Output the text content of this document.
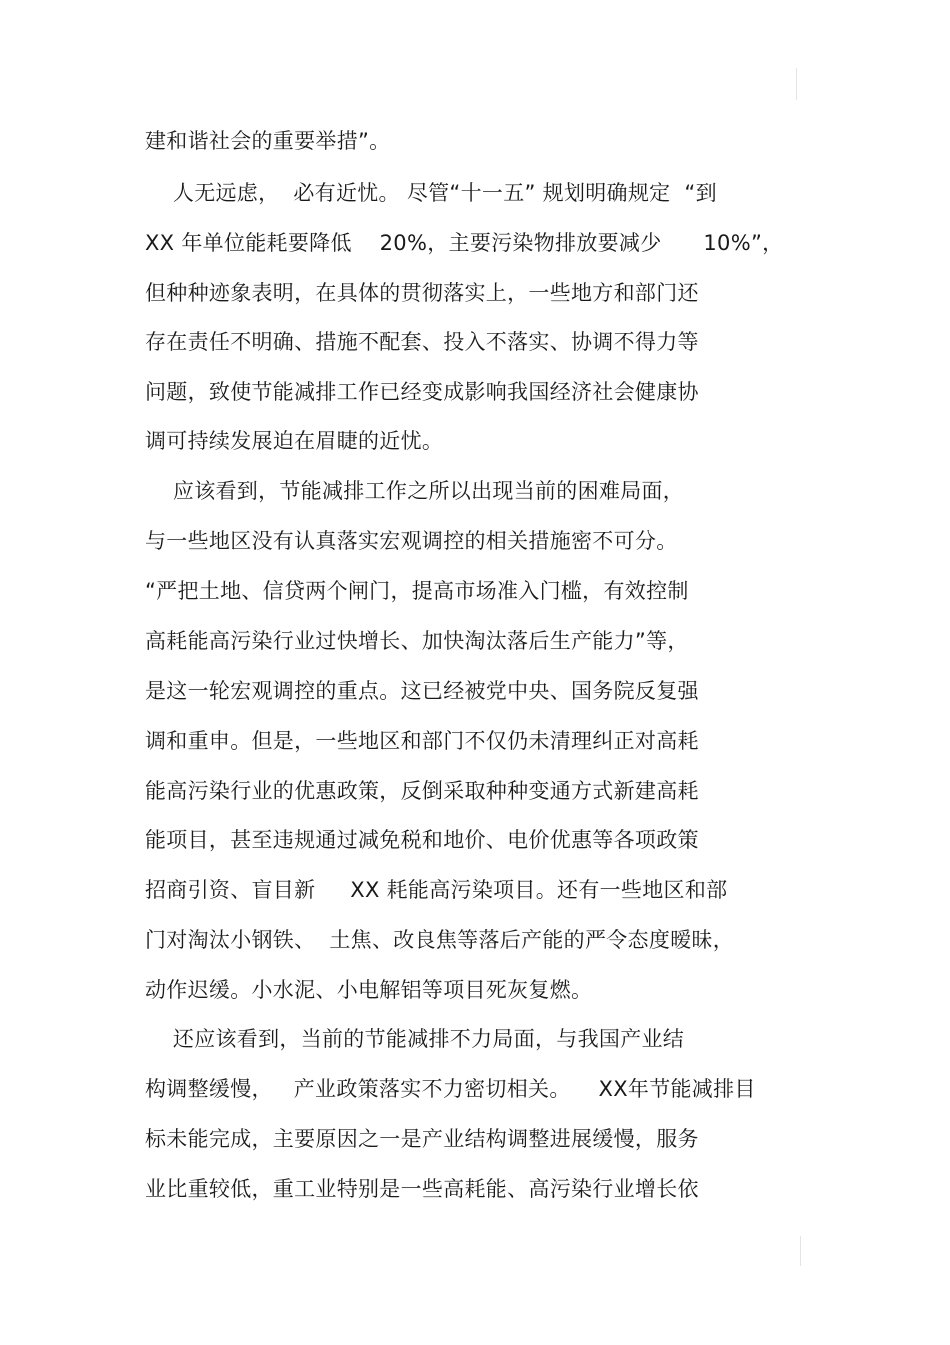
建和谐社会的重要举措”。
人无远虑，  必有近忧。 尽管“十一五” 规划明确规定  “到
XX 年单位能耗要降低    20%，主要污染物排放要减少      10%”，
但种种迹象表明，在具体的贯彻落实上，一些地方和部门还
存在责任不明确、措施不配套、投入不落实、协调不得力等
问题，致使节能减排工作已经变成影响我国经济社会健康协
调可持续发展迫在眉睫的近忧。
应该看到，节能减排工作之所以出现当前的困难局面，
与一些地区没有认真落实宏观调控的相关措施密不可分。
“严把土地、信贷两个闸门，提高市场准入门槛，有效控制
高耗能高污染行业过快增长、加快淘汰落后生产能力”等，
是这一轮宏观调控的重点。这已经被党中央、国务院反复强
调和重申。但是，一些地区和部门不仅仍未清理纠正对高耗
能高污染行业的优惠政策，反倒采取种种变通方式新建高耗
能项目，甚至违规通过减免税和地价、电价优惠等各项政策
招商引资、盲目新     XX 耗能高污染项目。还有一些地区和部
门对淘汰小钢铁、  土焦、改良焦等落后产能的严令态度暧昧，
动作迟缓。小水泥、小电解铝等项目死灰复燃。
还应该看到，当前的节能减排不力局面，与我国产业结
构调整缓慢，   产业政策落实不力密切相关。    XX年节能减排目
标未能完成，主要原因之一是产业结构调整进展缓慢，服务
业比重较低，重工业特别是一些高耗能、高污染行业增长依
